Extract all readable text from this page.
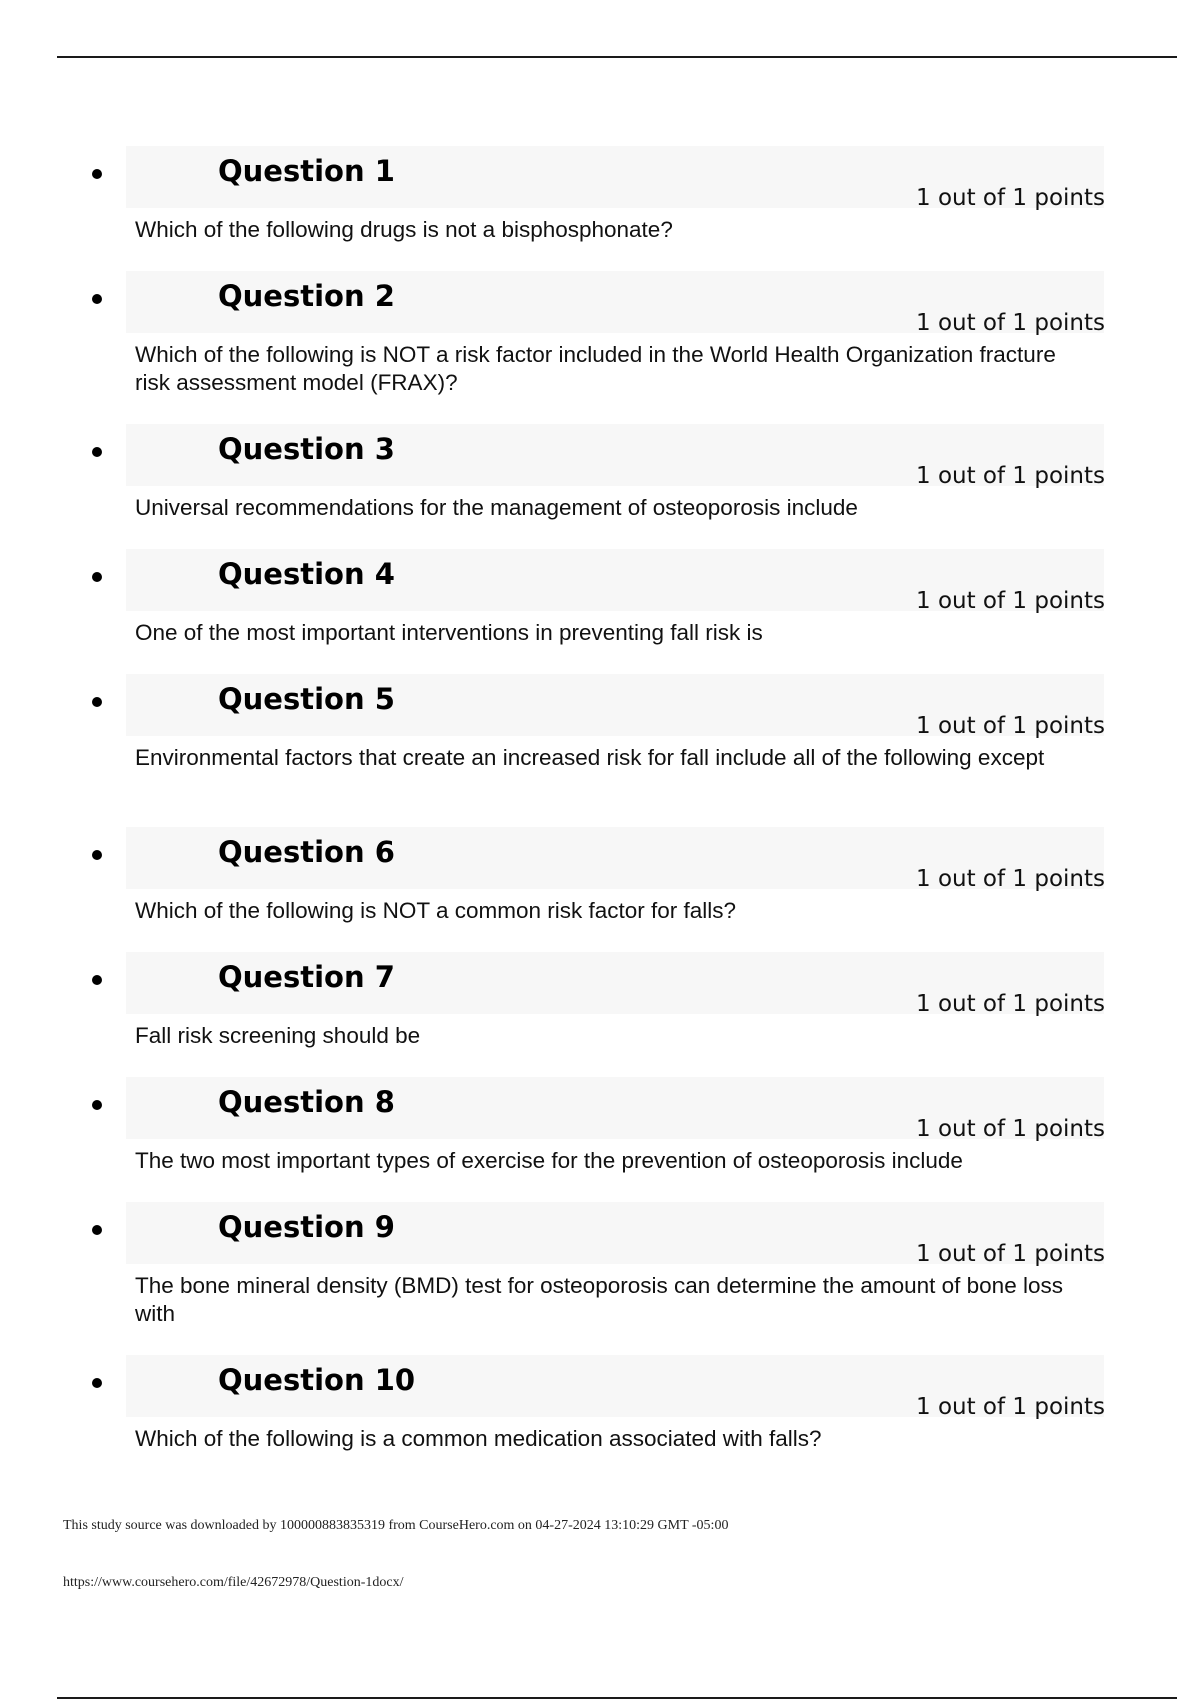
Question 1
1 out of 1 points
Which of the following drugs is not a bisphosphonate?
Question 2
1 out of 1 points
Which of the following is NOT a risk factor included in the World Health Organization fracture risk assessment model (FRAX)?
Question 3
1 out of 1 points
Universal recommendations for the management of osteoporosis include
Question 4
1 out of 1 points
One of the most important interventions in preventing fall risk is
Question 5
1 out of 1 points
Environmental factors that create an increased risk for fall include all of the following except
Question 6
1 out of 1 points
Which of the following is NOT a common risk factor for falls?
Question 7
1 out of 1 points
Fall risk screening should be
Question 8
1 out of 1 points
The two most important types of exercise for the prevention of osteoporosis include
Question 9
1 out of 1 points
The bone mineral density (BMD) test for osteoporosis can determine the amount of bone loss with
Question 10
1 out of 1 points
Which of the following is a common medication associated with falls?
This study source was downloaded by 100000883835319 from CourseHero.com on 04-27-2024 13:10:29 GMT -05:00
https://www.coursehero.com/file/42672978/Question-1docx/
